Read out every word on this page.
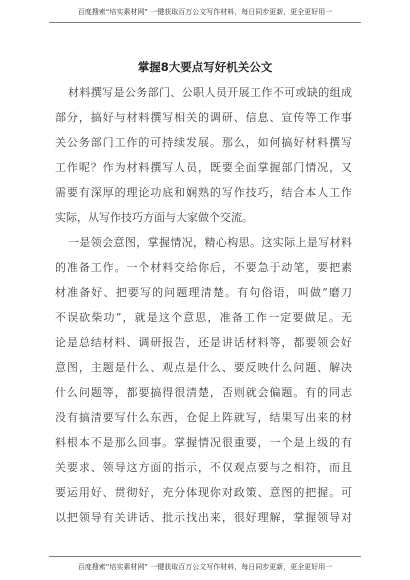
百度搜索“培实素材网” 一键获取百万公文写作材料，每日同步更新，更全更好用一
掌握8大要点写好机关公文
材料撰写是公务部门、公职人员开展工作不可或缺的组成
部分，搞好与材料撰写相关的调研、信息、宣传等工作事
关公务部门工作的可持续发展。那么，如何搞好材料撰写
工作呢？作为材料撰写人员，既要全面掌握部门情况，又
需要有深厚的理论功底和娴熟的写作技巧，结合本人工作
实际，从写作技巧方面与大家做个交流。
一是领会意图，掌握情况，精心构思。这实际上是写材料
的准备工作。一个材料交给你后，不要急于动笔，要把素
材准备好、把要写的问题理清楚。有句俗语，叫做“磨刀
不误砍柴功”，就是这个意思，准备工作一定要做足。无
论是总结材料、调研报告，还是讲话材料等，都要领会好
意图，主题是什么、观点是什么、要反映什么问题、解决
什么问题等，都要搞得很清楚，否则就会偏题。有的同志
没有搞清要写什么东西，仓促上阵就写，结果写出来的材
料根本不是那么回事。掌握情况很重要，一个是上级的有
关要求、领导这方面的指示，不仅观点要与之相符，而且
要运用好、贯彻好，充分体现你对政策、意图的把握。可
以把领导有关讲话、批示找出来，很好理解，掌握领导对
百度搜索“培实素材网” 一键获取百万公文写作材料，每日同步更新，更全更好用一
